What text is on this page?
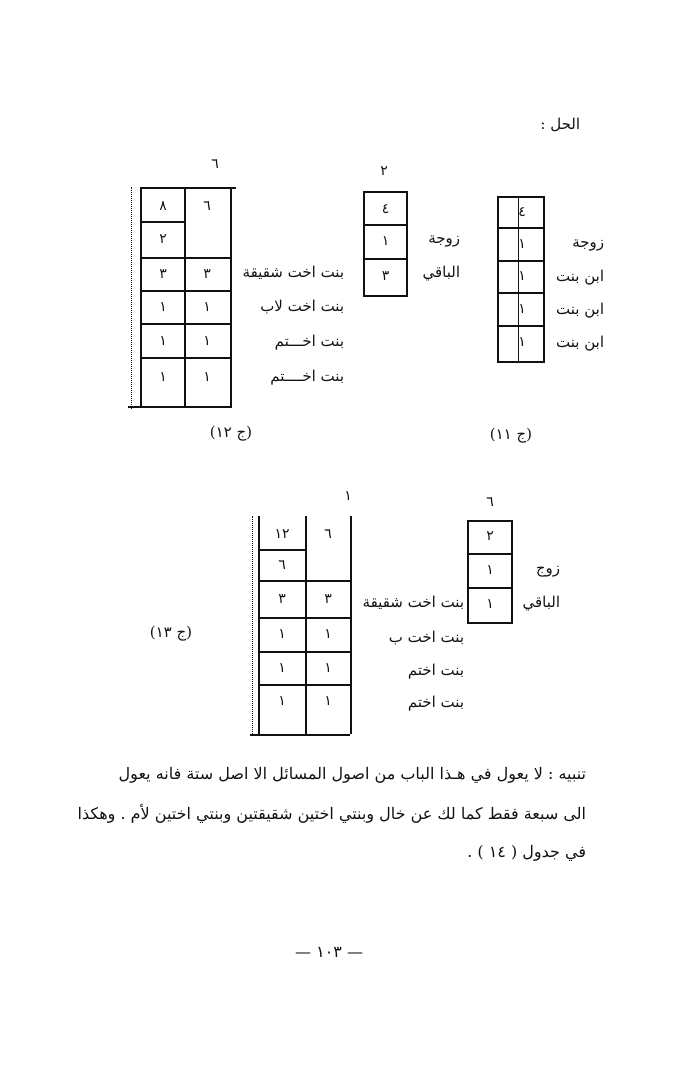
الحل :
٤
١
١
١
١
زوجة
ابن بنت
ابن بنت
ابن بنت
(ج ١١)
٢
٤
١
٣
زوجة
الباقي
٦
٦
٨
٢
٣
٣
١
١
١
١
١
١
بنت اخت شقيقة
بنت اخت لاب
بنت اخـــتم
بنت اخــــتم
(ج ١٢)
٦
٢
١
١
زوج
الباقي
١
٦
١٢
٦
٣
٣
١
١
١
١
١
١
بنت اخت شقيقة
بنت اخت ب
بنت اختم
بنت اختم
(ج ١٣)
تنبيه : لا يعول في هـذا الباب من اصول المسائل الا اصل ستة فانه يعول
الى سبعة فقط كما لك عن خال وبنتي اختين شقيقتين وبنتي اختين لأم . وهكذا
في جدول ( ١٤ ) .
— ١٠٣ —
